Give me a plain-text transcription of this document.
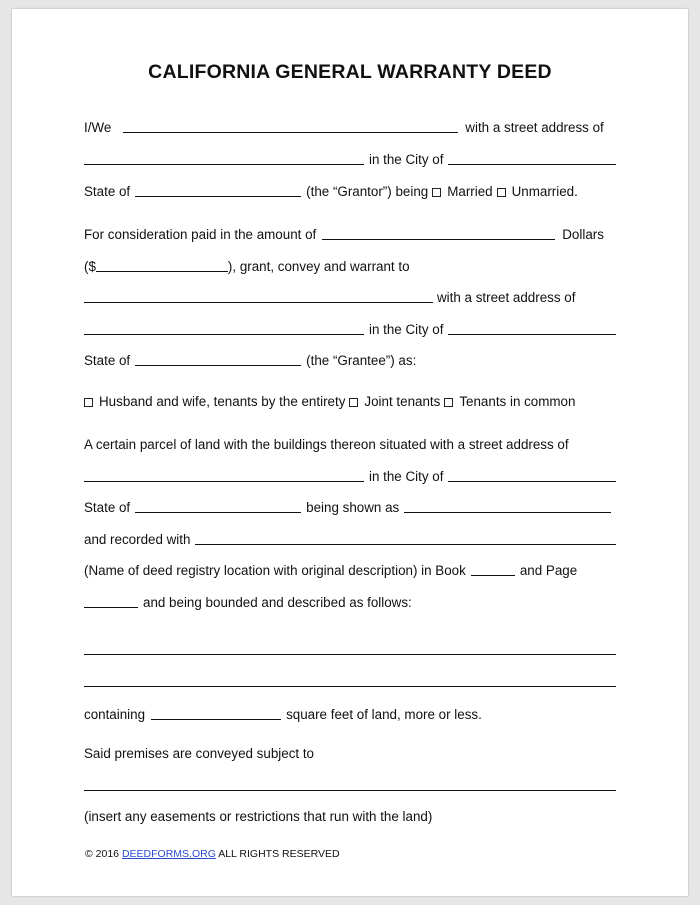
CALIFORNIA GENERAL WARRANTY DEED
I/We	with a street address of
in the City of
State of	(the “Grantor”) being Married Unmarried.
For consideration paid in the amount of	Dollars
($	), grant, convey and warrant to
with a street address of
in the City of
State of	(the “Grantee”) as:
Husband and wife, tenants by the entirety Joint tenants Tenants in common
A certain parcel of land with the buildings thereon situated with a street address of
in the City of
State of	being shown as
and recorded with
(Name of deed registry location with original description) in Book	and Page
and being bounded and described as follows:
containing	square feet of land, more or less.
Said premises are conveyed subject to
(insert any easements or restrictions that run with the land)
© 2016 DEEDFORMS.ORG ALL RIGHTS RESERVED
